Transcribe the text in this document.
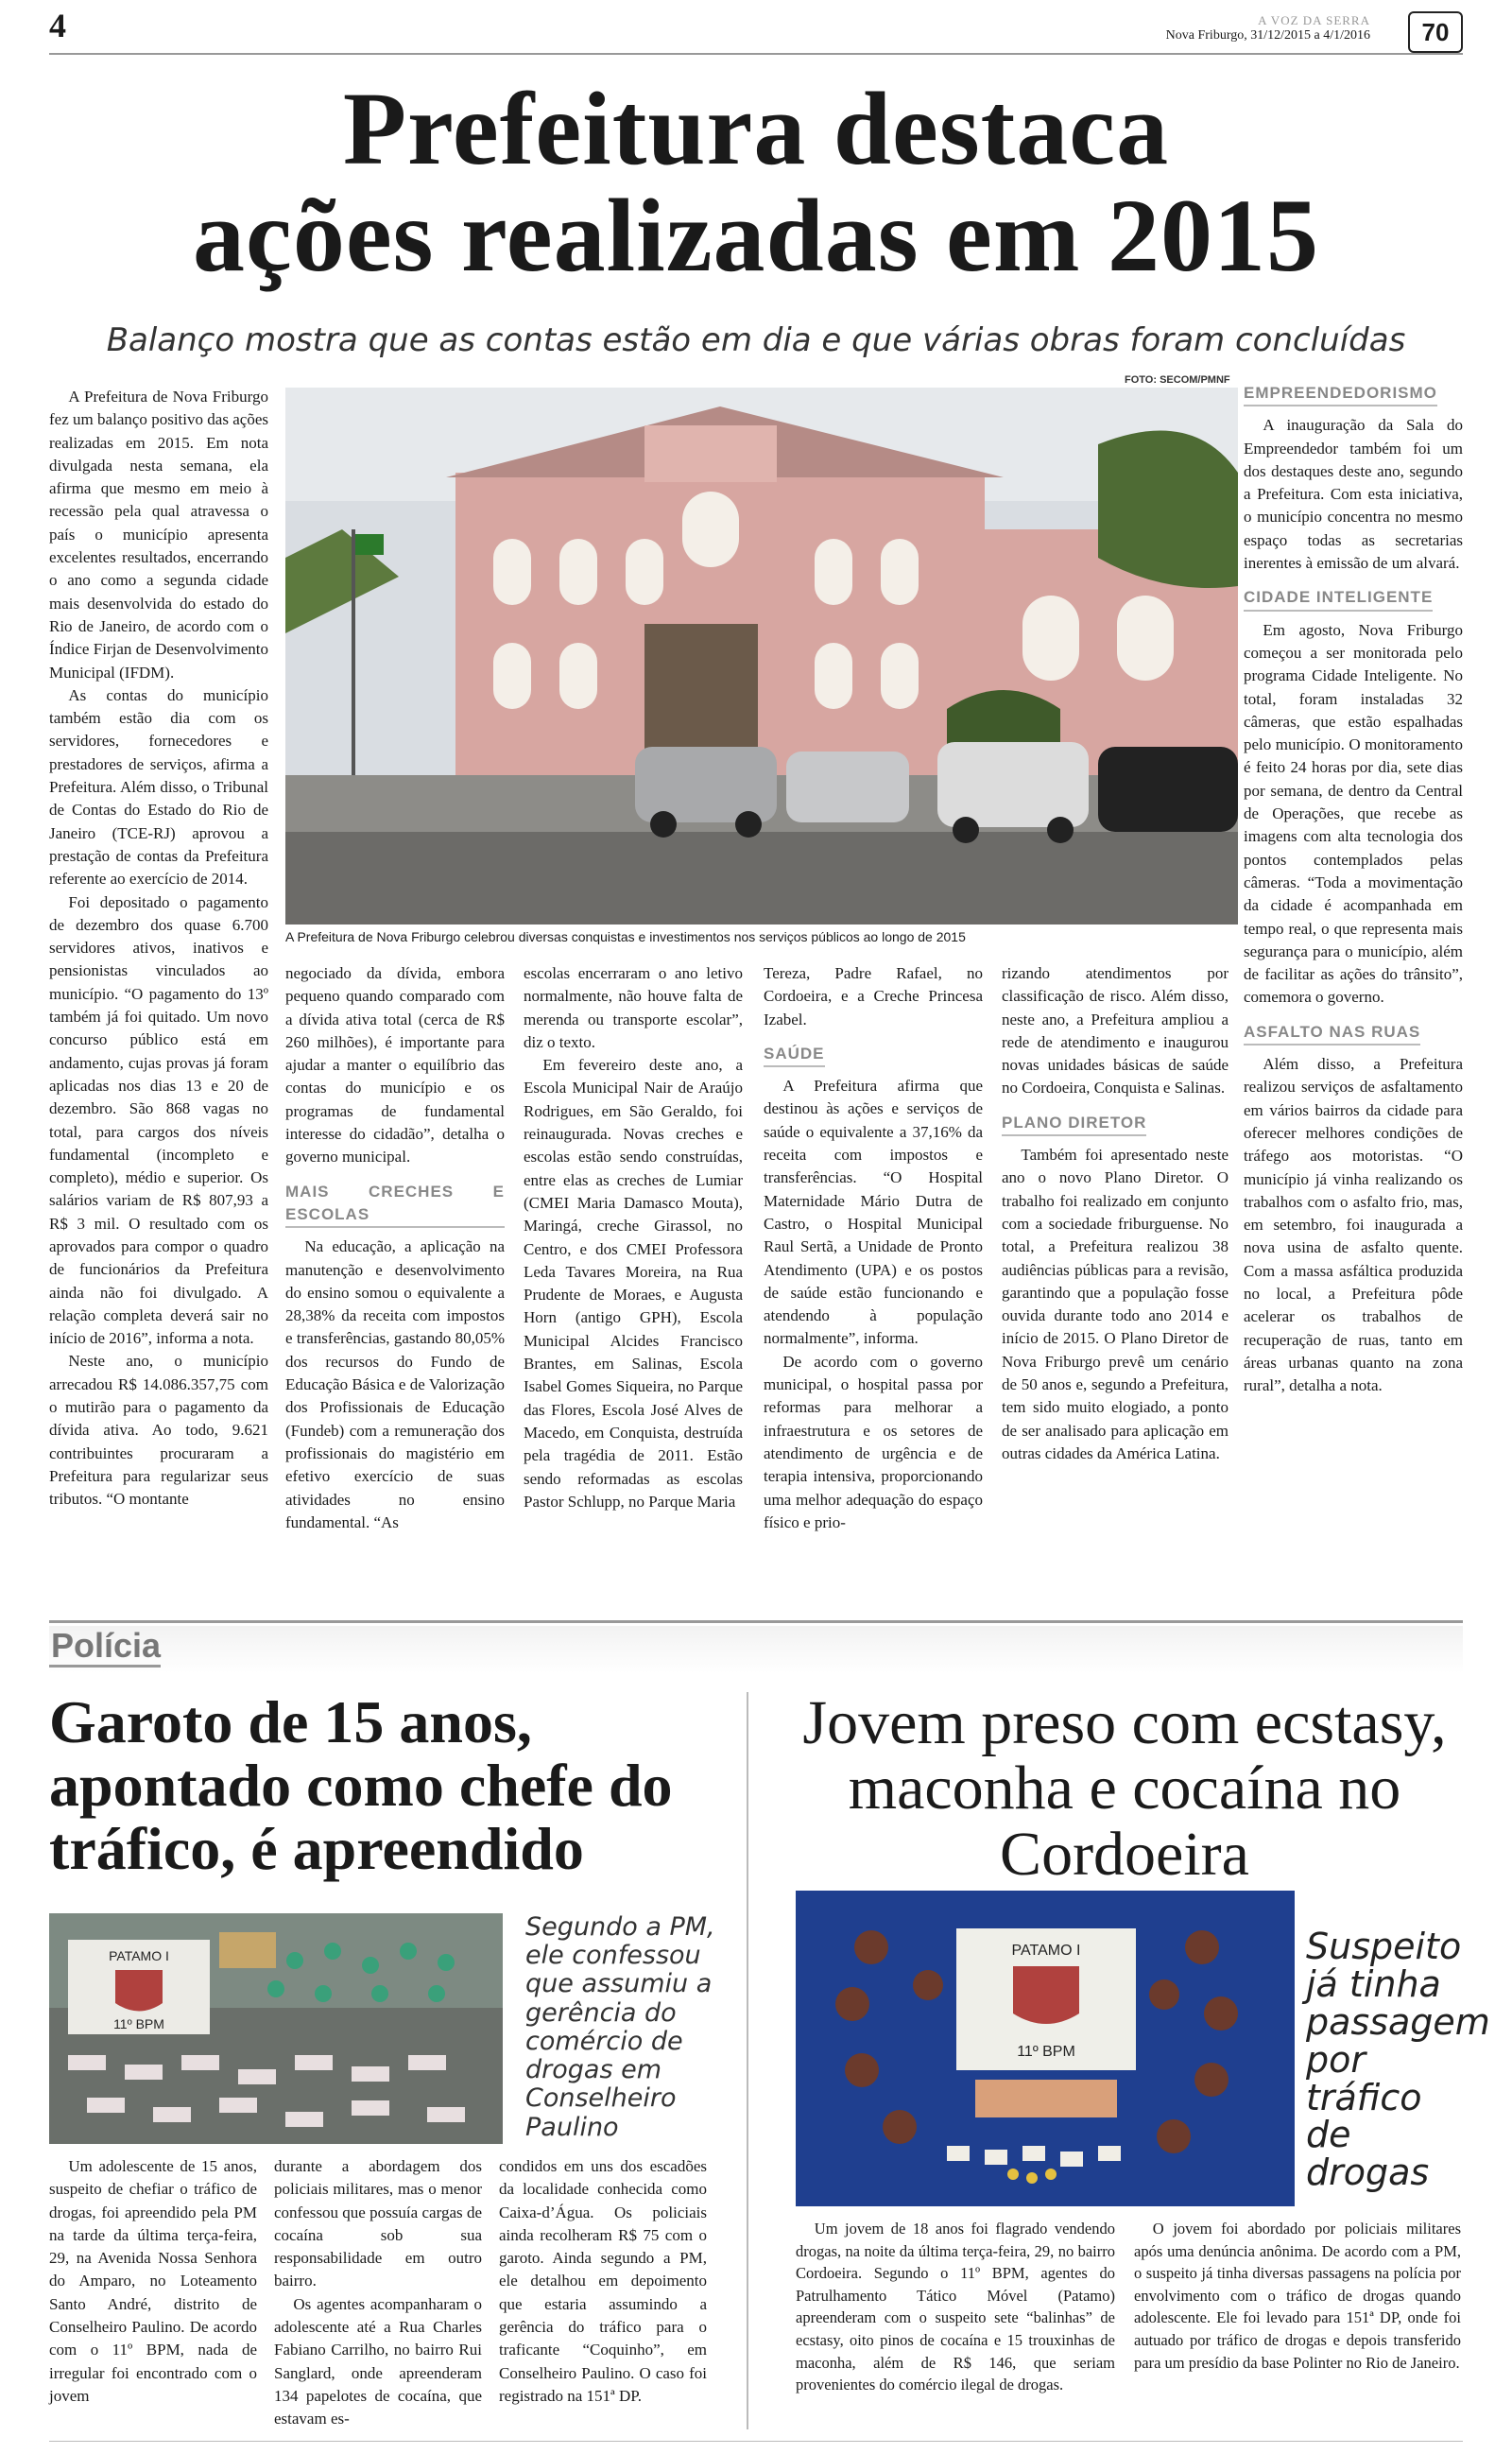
4	A VOZ DA SERRA
Nova Friburgo, 31/12/2015 a 4/1/2016 70
Prefeitura destaca
ações realizadas em 2015
Balanço mostra que as contas estão em dia e que várias obras foram concluídas

A Prefeitura de Nova Friburgo fez um balanço positivo das ações realizadas em 2015. Em nota divulgada nesta semana, ela afirma que mesmo em meio à recessão pela qual atravessa o país o município apresenta excelentes resultados, encerrando o ano como a segunda cidade mais desenvolvida do estado do Rio de Janeiro, de acordo com o Índice Firjan de Desenvolvimento Municipal (IFDM).

As contas do município também estão dia com os servidores, fornecedores e prestadores de serviços, afirma a Prefeitura. Além disso, o Tribunal de Contas do Estado do Rio de Janeiro (TCE-RJ) aprovou a prestação de contas da Prefeitura referente ao exercício de 2014.

Foi depositado o pagamento de dezembro dos quase 6.700 servidores ativos, inativos e pensionistas vinculados ao município. “O pagamento do 13º também já foi quitado. Um novo concurso público está em andamento, cujas provas já foram aplicadas nos dias 13 e 20 de dezembro. São 868 vagas no total, para cargos dos níveis fundamental (incompleto e completo), médio e superior. Os salários variam de R$ 807,93 a R$ 3 mil. O resultado com os aprovados para compor o quadro de funcionários da Prefeitura ainda não foi divulgado. A relação completa deverá sair no início de 2016”, informa a nota.

Neste ano, o município arrecadou R$ 14.086.357,75 com o mutirão para o pagamento da dívida ativa. Ao todo, 9.621 contribuintes procuraram a Prefeitura para regularizar seus tributos. “O montante

FOTO: SECOM/PMNF
A Prefeitura de Nova Friburgo celebrou diversas conquistas e investimentos nos serviços públicos ao longo de 2015

negociado da dívida, embora pequeno quando comparado com a dívida ativa total (cerca de R$ 260 milhões), é importante para ajudar a manter o equilíbrio das contas do município e os programas de fundamental interesse do cidadão”, detalha o governo municipal.

MAIS CRECHES E ESCOLAS

Na educação, a aplicação na manutenção e desenvolvimento do ensino somou o equivalente a 28,38% da receita com impostos e transferências, gastando 80,05% dos recursos do Fundo de Educação Básica e de Valorização dos Profissionais de Educação (Fundeb) com a remuneração dos profissionais do magistério em efetivo exercício de suas atividades no ensino fundamental. “As

escolas encerraram o ano letivo normalmente, não houve falta de merenda ou transporte escolar”, diz o texto.

Em fevereiro deste ano, a Escola Municipal Nair de Araújo Rodrigues, em São Geraldo, foi reinaugurada. Novas creches e escolas estão sendo construídas, entre elas as creches de Lumiar (CMEI Maria Damasco Mouta), Maringá, creche Girassol, no Centro, e dos CMEI Professora Leda Tavares Moreira, na Rua Prudente de Moraes, e Augusta Horn (antigo GPH), Escola Municipal Alcides Francisco Brantes, em Salinas, Escola Isabel Gomes Siqueira, no Parque das Flores, Escola José Alves de Macedo, em Conquista, destruída pela tragédia de 2011. Estão sendo reformadas as escolas Pastor Schlupp, no Parque Maria

Tereza, Padre Rafael, no Cordoeira, e a Creche Princesa Izabel.

SAÚDE

A Prefeitura afirma que destinou às ações e serviços de saúde o equivalente a 37,16% da receita com impostos e transferências. “O Hospital Maternidade Mário Dutra de Castro, o Hospital Municipal Raul Sertã, a Unidade de Pronto Atendimento (UPA) e os postos de saúde estão funcionando e atendendo à população normalmente”, informa.

De acordo com o governo municipal, o hospital passa por reformas para melhorar a infraestrutura e os setores de atendimento de urgência e de terapia intensiva, proporcionando uma melhor adequação do espaço físico e prio-

rizando atendimentos por classificação de risco. Além disso, neste ano, a Prefeitura ampliou a rede de atendimento e inaugurou novas unidades básicas de saúde no Cordoeira, Conquista e Salinas.

PLANO DIRETOR

Também foi apresentado neste ano o novo Plano Diretor. O trabalho foi realizado em conjunto com a sociedade friburguense. No total, a Prefeitura realizou 38 audiências públicas para a revisão, garantindo que a população fosse ouvida durante todo ano 2014 e início de 2015. O Plano Diretor de Nova Friburgo prevê um cenário de 50 anos e, segundo a Prefeitura, tem sido muito elogiado, a ponto de ser analisado para aplicação em outras cidades da América Latina.

EMPREENDEDORISMO

A inauguração da Sala do Empreendedor também foi um dos destaques deste ano, segundo a Prefeitura. Com esta iniciativa, o município concentra no mesmo espaço todas as secretarias inerentes à emissão de um alvará.

CIDADE INTELIGENTE

Em agosto, Nova Friburgo começou a ser monitorada pelo programa Cidade Inteligente. No total, foram instaladas 32 câmeras, que estão espalhadas pelo município. O monitoramento é feito 24 horas por dia, sete dias por semana, de dentro da Central de Operações, que recebe as imagens com alta tecnologia dos pontos contemplados pelas câmeras. “Toda a movimentação da cidade é acompanhada em tempo real, o que representa mais segurança para o município, além de facilitar as ações do trânsito”, comemora o governo.

ASFALTO NAS RUAS

Além disso, a Prefeitura realizou serviços de asfaltamento em vários bairros da cidade para oferecer melhores condições de tráfego aos motoristas. “O município já vinha realizando os trabalhos com o asfalto frio, mas, em setembro, foi inaugurada a nova usina de asfalto quente. Com a massa asfáltica produzida no local, a Prefeitura pôde acelerar os trabalhos de recuperação de ruas, tanto em áreas urbanas quanto na zona rural”, detalha a nota.

Polícia
Garoto de 15 anos, apontado como chefe do tráfico, é apreendido
PATAMO I
11º BPM
Segundo a PM, ele confessou que assumiu a gerência do comércio de drogas em Conselheiro Paulino

Um adolescente de 15 anos, suspeito de chefiar o tráfico de drogas, foi apreendido pela PM na tarde da última terça-feira, 29, na Avenida Nossa Senhora do Amparo, no Loteamento Santo André, distrito de Conselheiro Paulino. De acordo com o 11º BPM, nada de irregular foi encontrado com o jovem

durante a abordagem dos policiais militares, mas o menor confessou que possuía cargas de cocaína sob sua responsabilidade em outro bairro.

Os agentes acompanharam o adolescente até a Rua Charles Fabiano Carrilho, no bairro Rui Sanglard, onde apreenderam 134 papelotes de cocaína, que estavam es-

condidos em uns dos escadões da localidade conhecida como Caixa-d’Água. Os policiais ainda recolheram R$ 75 com o garoto. Ainda segundo a PM, ele detalhou em depoimento que estaria assumindo a gerência do tráfico para o traficante “Coquinho”, em Conselheiro Paulino. O caso foi registrado na 151ª DP.

Jovem preso com ecstasy, maconha e cocaína no Cordoeira
PATAMO I
11º BPM
Suspeito já tinha passagem por tráfico de drogas

Um jovem de 18 anos foi flagrado vendendo drogas, na noite da última terça-feira, 29, no bairro Cordoeira. Segundo o 11º BPM, agentes do Patrulhamento Tático Móvel (Patamo) apreenderam com o suspeito sete “balinhas” de ecstasy, oito pinos de cocaína e 15 trouxinhas de maconha, além de R$ 146, que seriam provenientes do comércio ilegal de drogas.

O jovem foi abordado por policiais militares após uma denúncia anônima. De acordo com a PM, o suspeito já tinha diversas passagens na polícia por envolvimento com o tráfico de drogas quando adolescente. Ele foi levado para 151ª DP, onde foi autuado por tráfico de drogas e depois transferido para um presídio da base Polinter no Rio de Janeiro.
